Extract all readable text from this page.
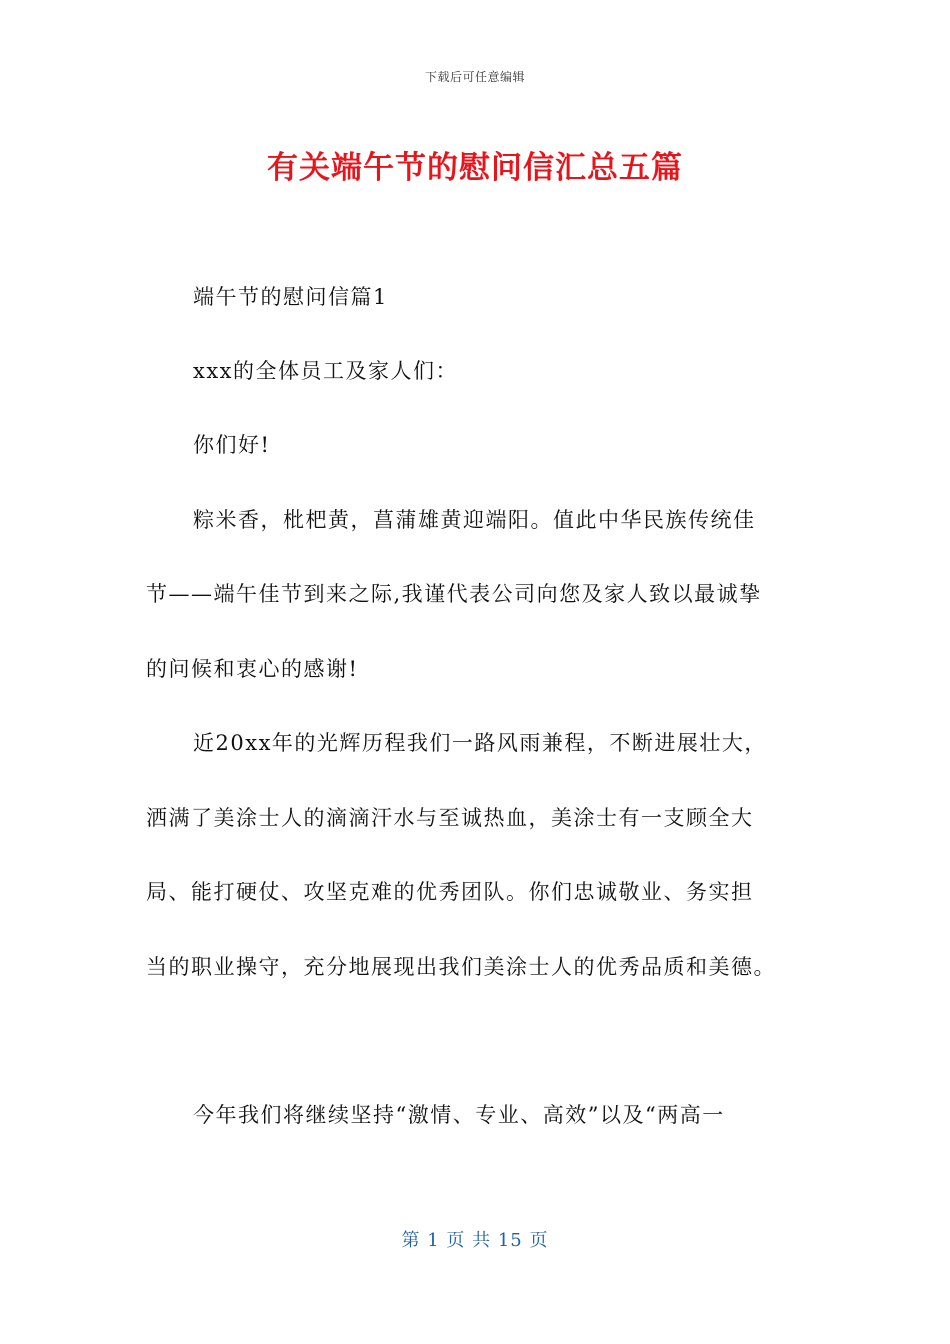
下载后可任意编辑
有关端午节的慰问信汇总五篇
端午节的慰问信篇1
xxx的全体员工及家人们：
你们好!
粽米香，枇杷黄，菖蒲雄黄迎端阳。值此中华民族传统佳
节——端午佳节到来之际,我谨代表公司向您及家人致以最诚挚
的问候和衷心的感谢!
近20xx年的光辉历程我们一路风雨兼程，不断进展壮大，
洒满了美涂士人的滴滴汗水与至诚热血，美涂士有一支顾全大
局、能打硬仗、攻坚克难的优秀团队。你们忠诚敬业、务实担
当的职业操守，充分地展现出我们美涂士人的优秀品质和美德。
今年我们将继续坚持“激情、专业、高效”以及“两高一
第 1 页 共 15 页
